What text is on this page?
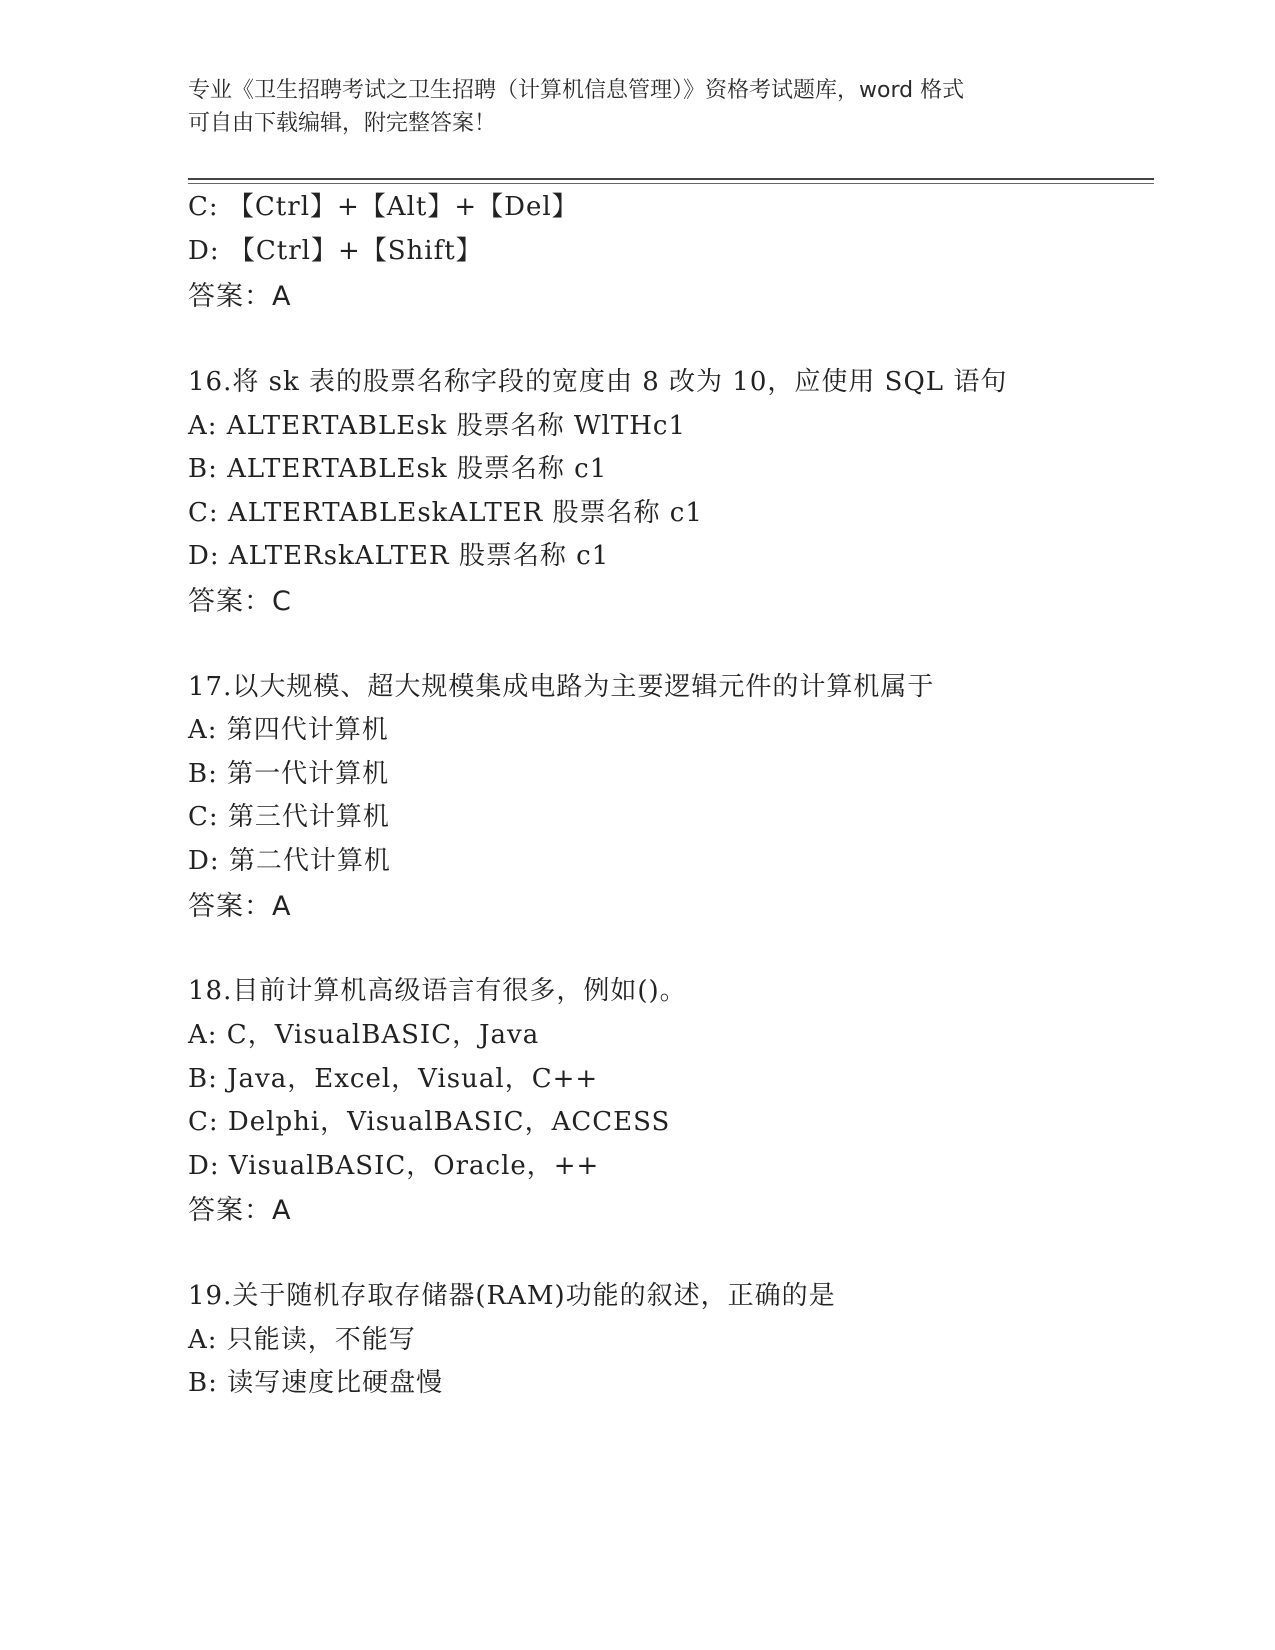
专业《卫生招聘考试之卫生招聘（计算机信息管理）》资格考试题库，word 格式
可自由下载编辑，附完整答案！
C: 【Ctrl】+【Alt】+【Del】
D: 【Ctrl】+【Shift】
答案：A
16.将 sk 表的股票名称字段的宽度由 8 改为 10，应使用 SQL 语句
A: ALTERTABLEsk 股票名称 WlTHc1
B: ALTERTABLEsk 股票名称 c1
C: ALTERTABLEskALTER 股票名称 c1
D: ALTERskALTER 股票名称 c1
答案：C
17.以大规模、超大规模集成电路为主要逻辑元件的计算机属于
A: 第四代计算机
B: 第一代计算机
C: 第三代计算机
D: 第二代计算机
答案：A
18.目前计算机高级语言有很多，例如()。
A: C，VisualBASIC，Java
B: Java，Excel，Visual，C++
C: Delphi，VisualBASIC，ACCESS
D: VisualBASIC，Oracle，++
答案：A
19.关于随机存取存储器(RAM)功能的叙述，正确的是
A: 只能读，不能写
B: 读写速度比硬盘慢
